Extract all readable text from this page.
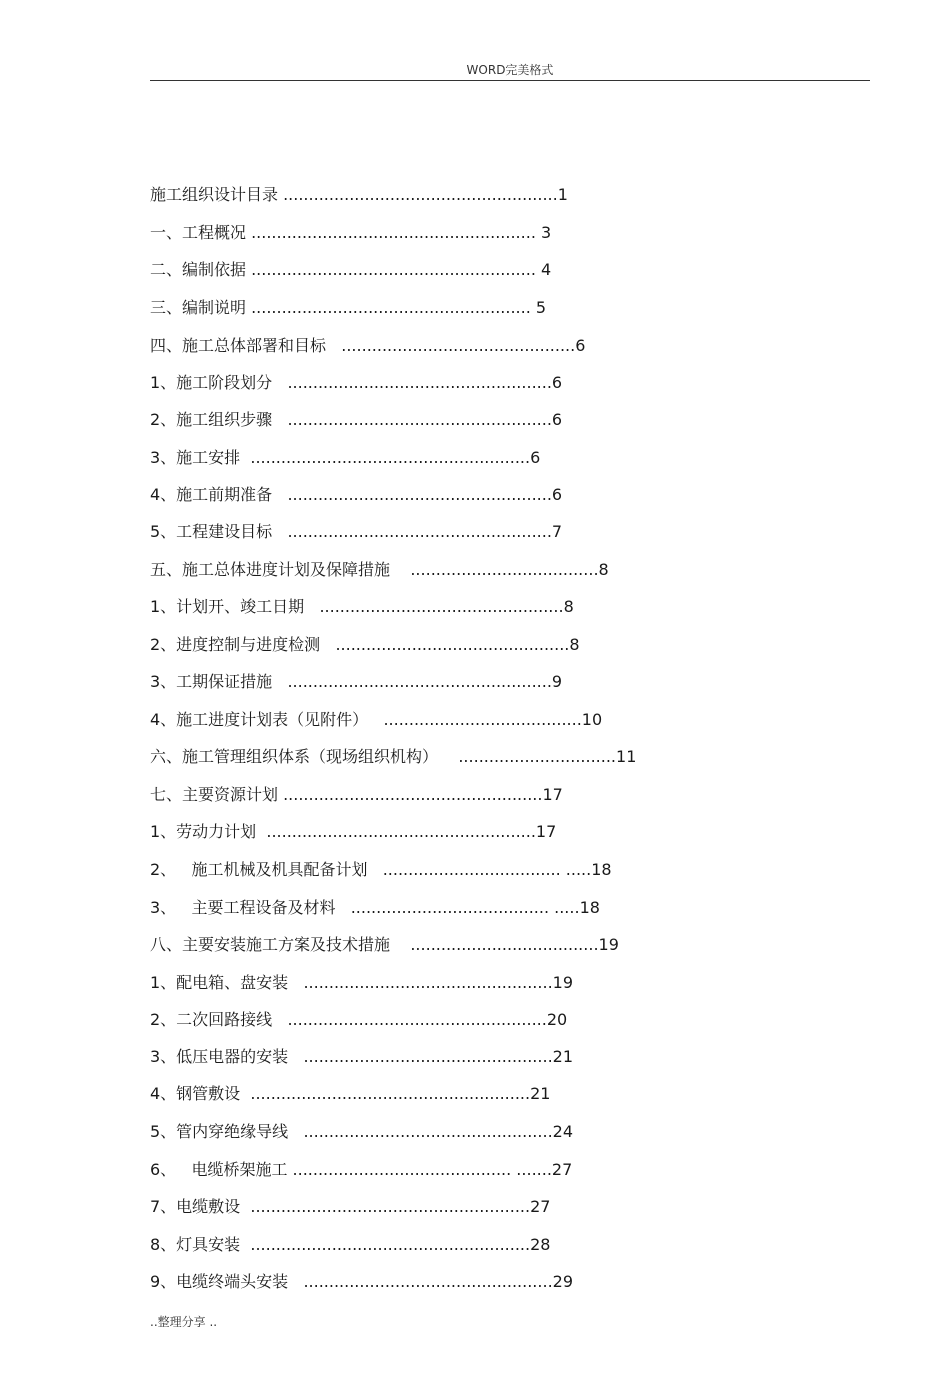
WORD完美格式
施工组织设计目录 ......................................................1
一、工程概况 ........................................................ 3
二、编制依据 ........................................................ 4
三、编制说明 ....................................................... 5
四、施工总体部署和目标   ..............................................6
1、施工阶段划分   ....................................................6
2、施工组织步骤   ....................................................6
3、施工安排  .......................................................6
4、施工前期准备   ....................................................6
5、工程建设目标   ....................................................7
五、施工总体进度计划及保障措施    .....................................8
1、计划开、竣工日期   ................................................8
2、进度控制与进度检测   ..............................................8
3、工期保证措施   ....................................................9
4、施工进度计划表（见附件）   .......................................10
六、施工管理组织体系（现场组织机构）    ...............................11
七、主要资源计划 ...................................................17
1、劳动力计划  .....................................................17
2、   施工机械及机具配备计划   ................................... .....18
3、   主要工程设备及材料   ....................................... .....18
八、主要安装施工方案及技术措施    .....................................19
1、配电箱、盘安装   .................................................19
2、二次回路接线   ...................................................20
3、低压电器的安装   .................................................21
4、钢管敷设  .......................................................21
5、管内穿绝缘导线   .................................................24
6、   电缆桥架施工 ........................................... .......27
7、电缆敷设  .......................................................27
8、灯具安装  .......................................................28
9、电缆终端头安装   .................................................29
..整理分享 ..
